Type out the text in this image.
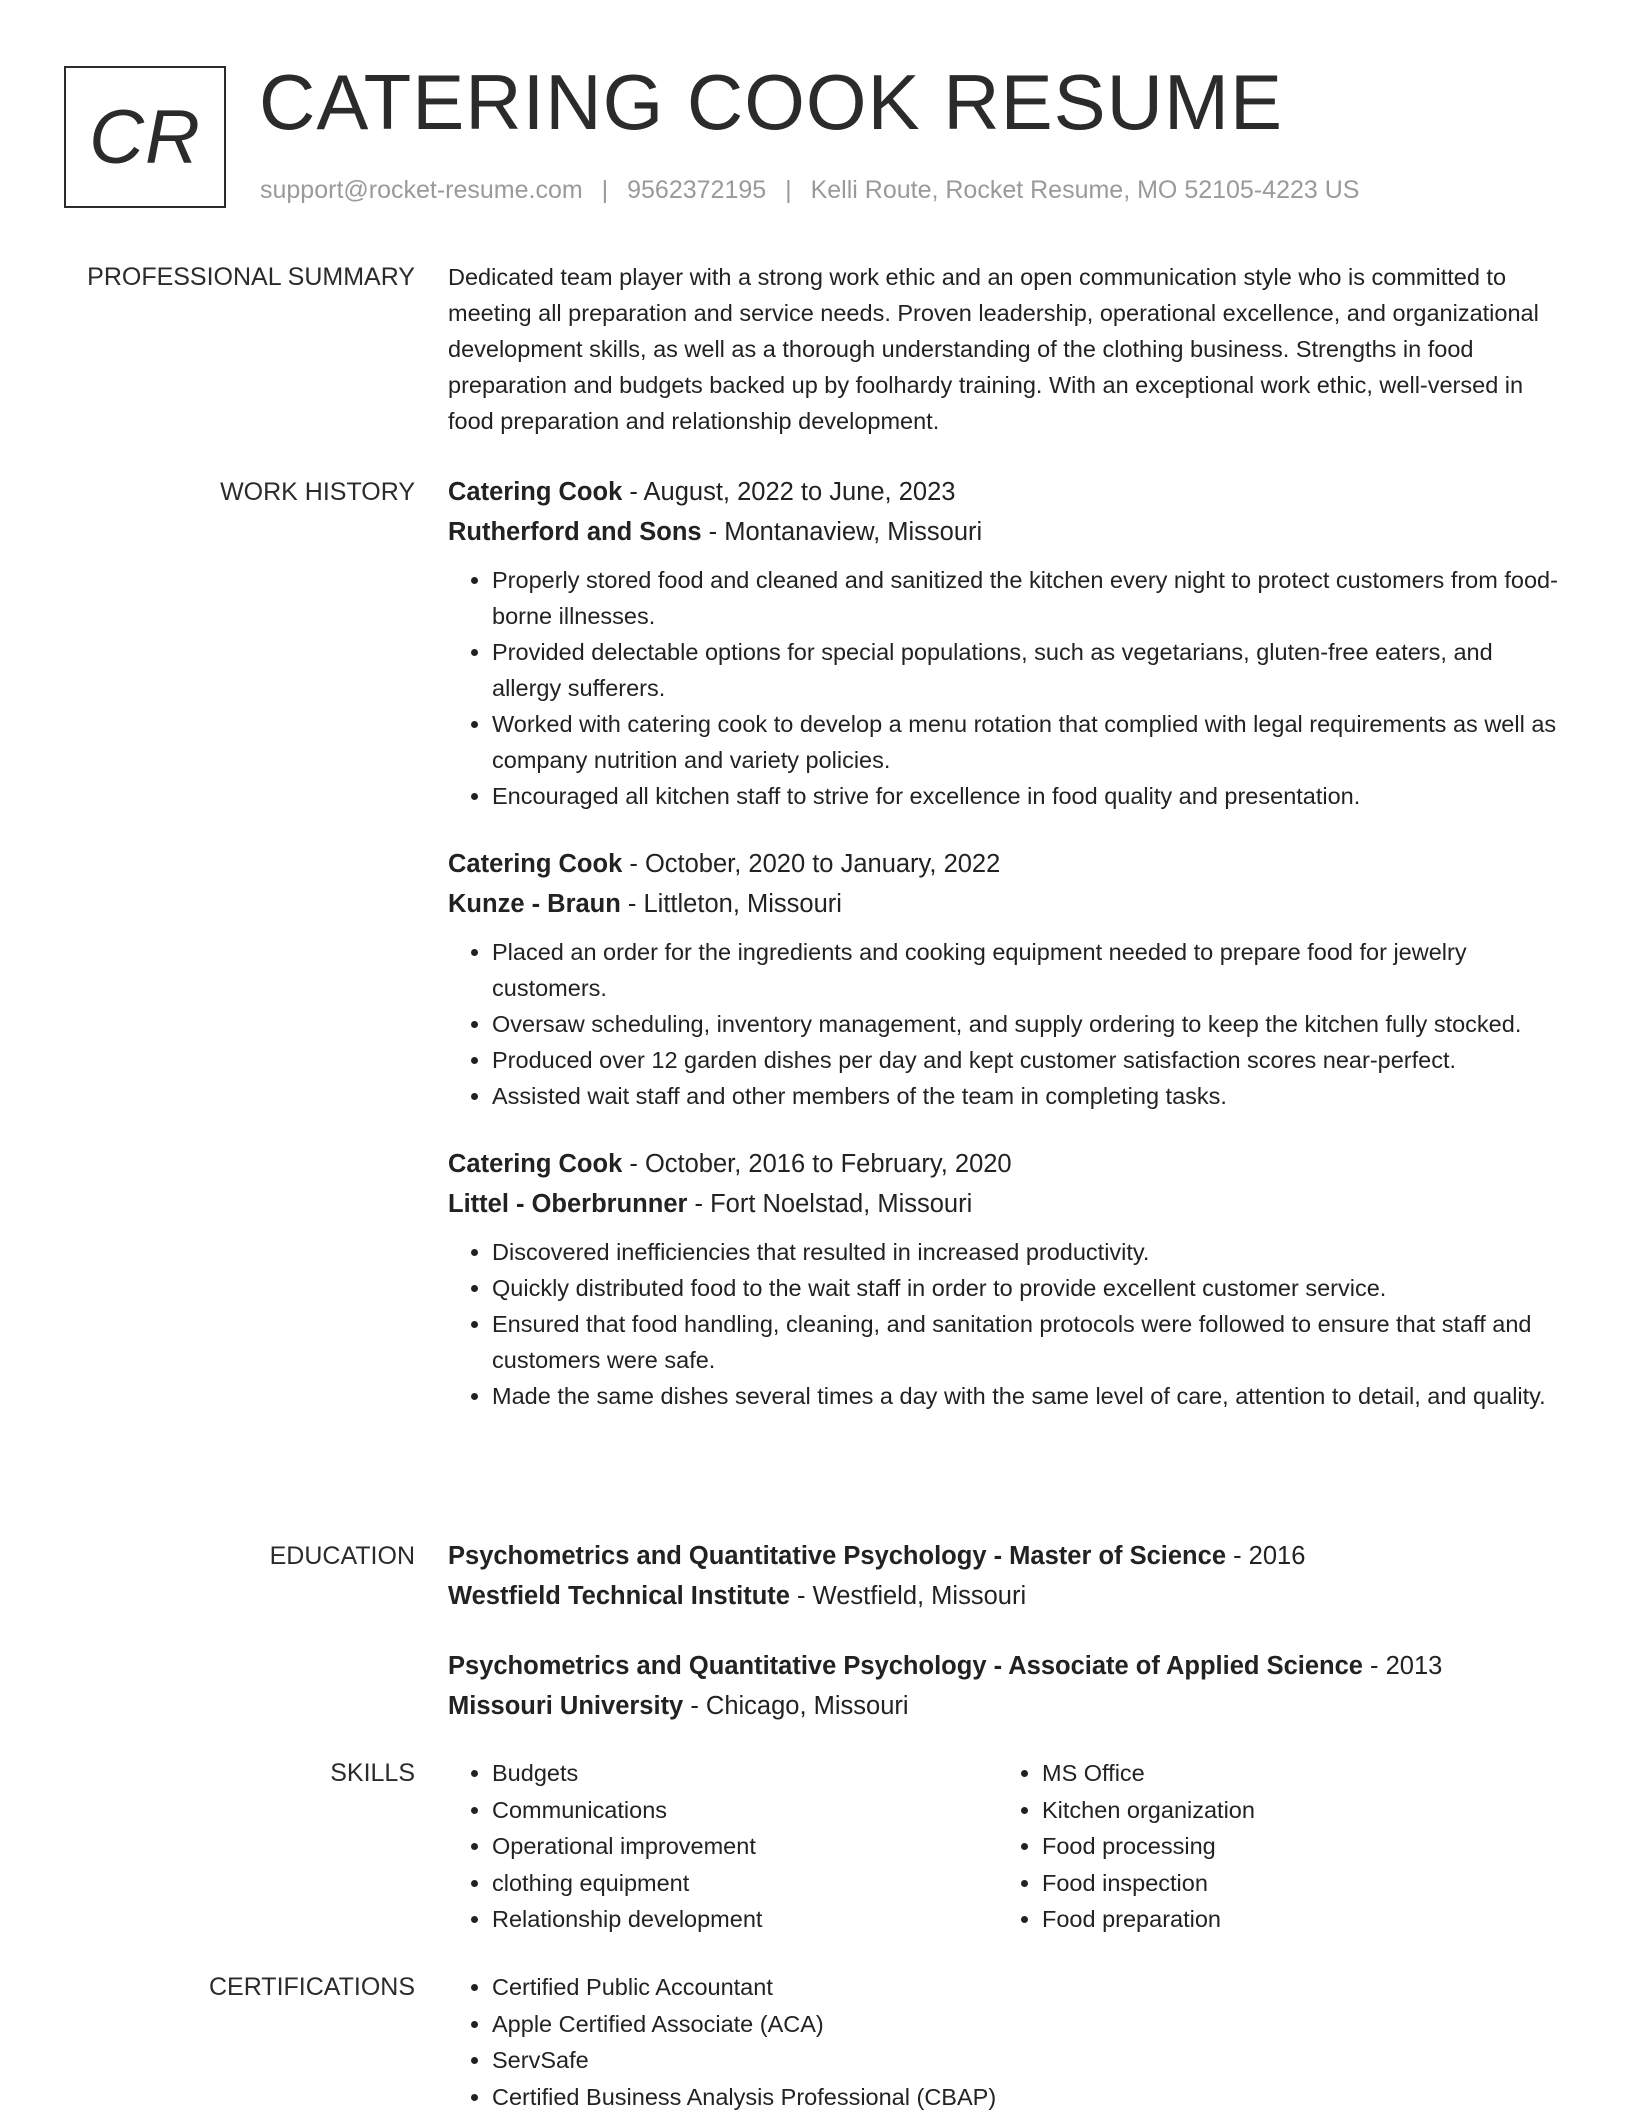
CR CATERING COOK RESUME
support@rocket-resume.com | 9562372195 | Kelli Route, Rocket Resume, MO 52105-4223 US
PROFESSIONAL SUMMARY Dedicated team player with a strong work ethic and an open communication style who is committed to meeting all preparation and service needs. Proven leadership, operational excellence, and organizational development skills, as well as a thorough understanding of the clothing business. Strengths in food preparation and budgets backed up by foolhardy training. With an exceptional work ethic, well-versed in food preparation and relationship development.

WORK HISTORY Catering Cook - August, 2022 to June, 2023
Rutherford and Sons - Montanaview, Missouri
• Properly stored food and cleaned and sanitized the kitchen every night to protect customers from food-borne illnesses.
• Provided delectable options for special populations, such as vegetarians, gluten-free eaters, and allergy sufferers.
• Worked with catering cook to develop a menu rotation that complied with legal requirements as well as company nutrition and variety policies.
• Encouraged all kitchen staff to strive for excellence in food quality and presentation.
Catering Cook - October, 2020 to January, 2022
Kunze - Braun - Littleton, Missouri
• Placed an order for the ingredients and cooking equipment needed to prepare food for jewelry customers.
• Oversaw scheduling, inventory management, and supply ordering to keep the kitchen fully stocked.
• Produced over 12 garden dishes per day and kept customer satisfaction scores near-perfect.
• Assisted wait staff and other members of the team in completing tasks.
Catering Cook - October, 2016 to February, 2020
Littel - Oberbrunner - Fort Noelstad, Missouri
• Discovered inefficiencies that resulted in increased productivity.
• Quickly distributed food to the wait staff in order to provide excellent customer service.
• Ensured that food handling, cleaning, and sanitation protocols were followed to ensure that staff and customers were safe.
• Made the same dishes several times a day with the same level of care, attention to detail, and quality.
EDUCATION Psychometrics and Quantitative Psychology - Master of Science - 2016
Westfield Technical Institute - Westfield, Missouri
Psychometrics and Quantitative Psychology - Associate of Applied Science - 2013
Missouri University - Chicago, Missouri
SKILLS	• Budgets
• Communications
• Operational improvement
• clothing equipment
• Relationship development
• MS Office
• Kitchen organization
• Food processing
• Food inspection
• Food preparation
CERTIFICATIONS	• Certified Public Accountant
• Apple Certified Associate (ACA)
• ServSafe
• Certified Business Analysis Professional (CBAP)
